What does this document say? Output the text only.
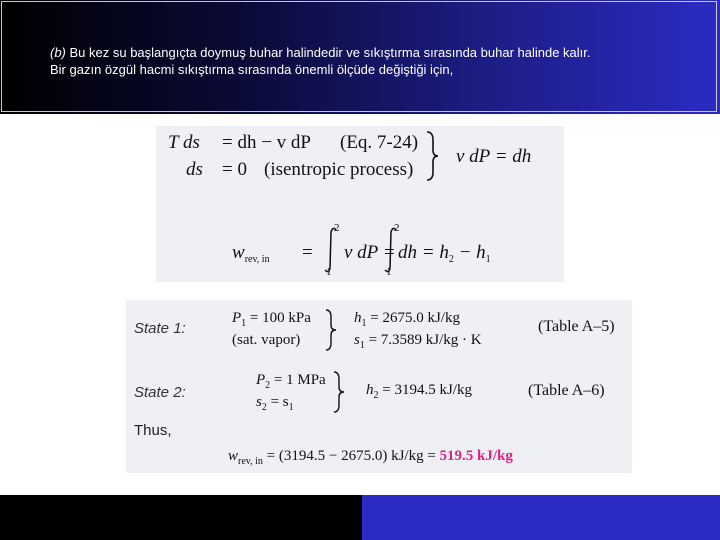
(b) Bu kez su başlangıçta doymuş buhar halindedir ve sıkıştırma sırasında buhar halinde kalır.
Bir gazın özgül hacmi sıkıştırma sırasında önemli ölçüde değiştiği için,
T ds = dh − v dP (Eq. 7-24)
ds = 0 (isentropic process)
v dP = dh
$w_{rev, in}$ =
2
1
v dP =
2
1
dh = $h_2 - h_1$
State 1:
$P_1 = 100$ kPa
(sat. vapor)
$h_1 = 2675.0$ kJ/kg
$s_1 = 7.3589$ kJ/kg · K
(Table A–5)
State 2:
$P_2 = 1$ MPa
$s_2 = s_1$
$h_2 = 3194.5$ kJ/kg	(Table A–6)
Thus,
$w_{rev, in} = (3194.5 - 2675.0) kJ/kg = 519.5$ kJ/kg
